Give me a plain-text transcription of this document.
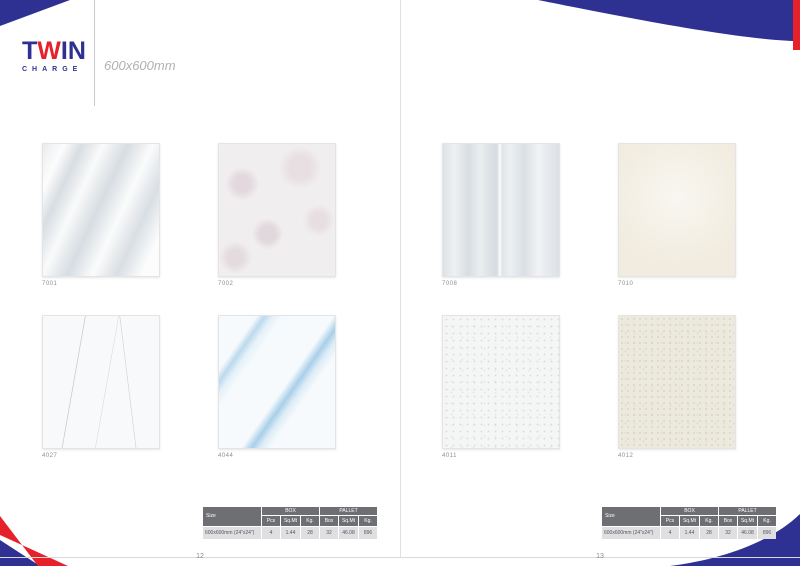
TWIN
CHARGE 600x600mm
7001	7002
4027	4044
Size
BOX	PALLET
Pcs	Sq.Mt	Kg.	Box	Sq.Mt	Kg.
600x600mm (24"x24")	4	1.44	28	32	46.08	896
12
7008	7010
4011	4012
Size
BOX	PALLET
Pcs	Sq.Mt	Kg.	Box	Sq.Mt	Kg.
600x600mm (24"x24")	4	1.44	28	32	46.08	896
13
